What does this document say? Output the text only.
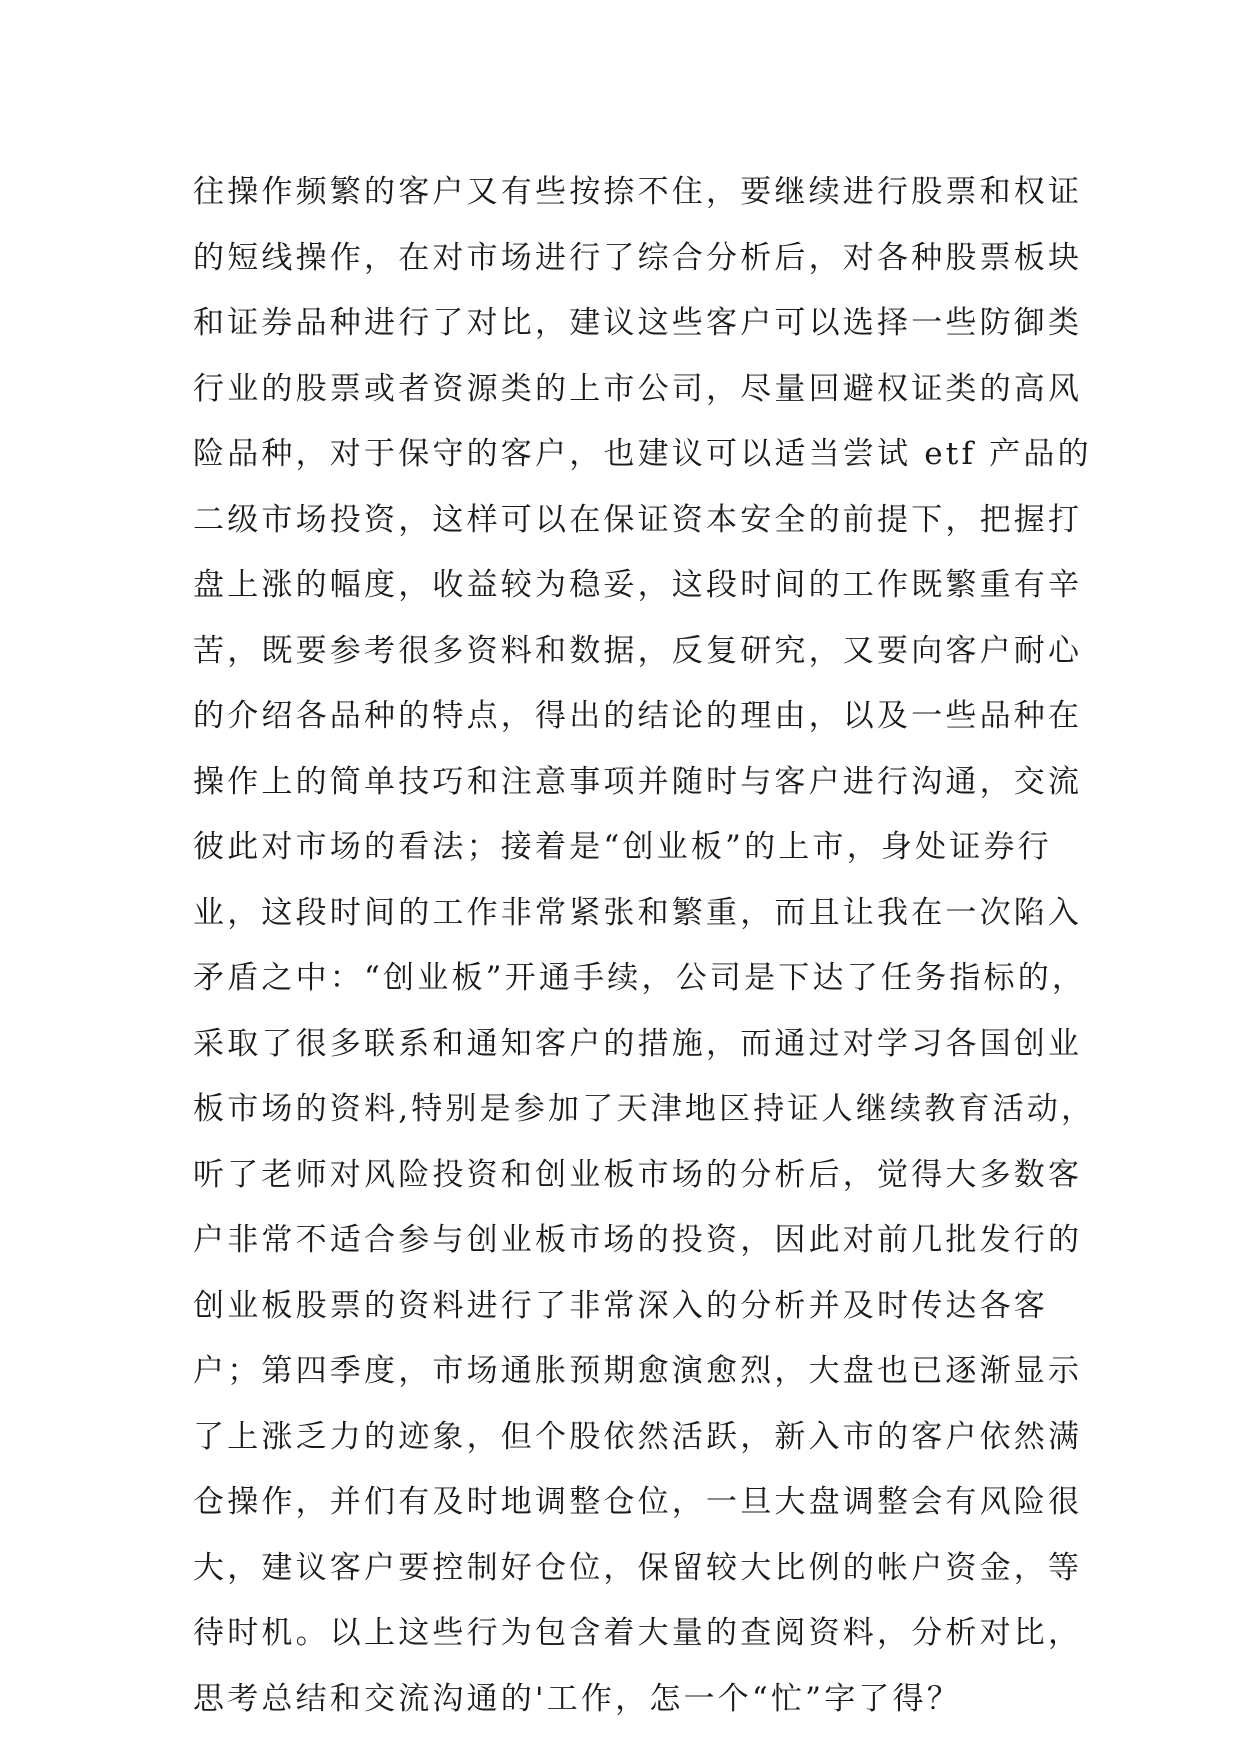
往操作频繁的客户又有些按捺不住，要继续进行股票和权证
的短线操作，在对市场进行了综合分析后，对各种股票板块
和证券品种进行了对比，建议这些客户可以选择一些防御类
行业的股票或者资源类的上市公司，尽量回避权证类的高风
险品种，对于保守的客户，也建议可以适当尝试 etf 产品的
二级市场投资，这样可以在保证资本安全的前提下，把握打
盘上涨的幅度，收益较为稳妥，这段时间的工作既繁重有辛
苦，既要参考很多资料和数据，反复研究，又要向客户耐心
的介绍各品种的特点，得出的结论的理由，以及一些品种在
操作上的简单技巧和注意事项并随时与客户进行沟通，交流
彼此对市场的看法；接着是“创业板”的上市，身处证券行
业，这段时间的工作非常紧张和繁重，而且让我在一次陷入
矛盾之中：“创业板”开通手续，公司是下达了任务指标的，
采取了很多联系和通知客户的措施，而通过对学习各国创业
板市场的资料,特别是参加了天津地区持证人继续教育活动，
听了老师对风险投资和创业板市场的分析后，觉得大多数客
户非常不适合参与创业板市场的投资，因此对前几批发行的
创业板股票的资料进行了非常深入的分析并及时传达各客
户；第四季度，市场通胀预期愈演愈烈，大盘也已逐渐显示
了上涨乏力的迹象，但个股依然活跃，新入市的客户依然满
仓操作，并们有及时地调整仓位，一旦大盘调整会有风险很
大，建议客户要控制好仓位，保留较大比例的帐户资金，等
待时机。以上这些行为包含着大量的查阅资料，分析对比，
思考总结和交流沟通的'工作，怎一个“忙”字了得？
